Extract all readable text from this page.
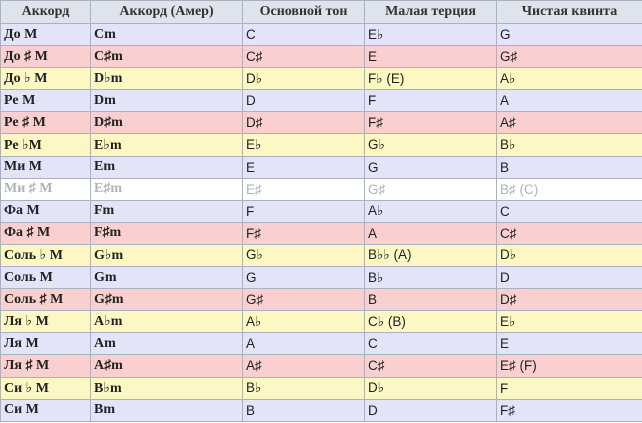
Аккорд	Аккорд (Амер)	Основной тон	Малая терция	Чистая квинта
До M	Cm	C	E♭	G
До ♯ M	C♯m	C♯	E	G♯
До ♭ M	D♭m	D♭	F♭ (E)	A♭
Ре M	Dm	D	F	A
Ре ♯ M	D♯m	D♯	F♯	A♯
Ре ♭M	E♭m	E♭	G♭	B♭
Ми M	Em	E	G	B
Ми ♯ M	E♯m	E♯	G♯	B♯ (C)
Фа M	Fm	F	A♭	C
Фа ♯ M	F♯m	F♯	A	C♯
Соль ♭ M	G♭m	G♭	B♭♭ (A)	D♭
Соль M	Gm	G	B♭	D
Соль ♯ M	G♯m	G♯	B	D♯
Ля ♭ M	A♭m	A♭	C♭ (B)	E♭
Ля M	Am	A	C	E
Ля ♯ M	A♯m	A♯	C♯	E♯ (F)
Си ♭ M	B♭m	B♭	D♭	F
Си M	Bm	B	D	F♯
